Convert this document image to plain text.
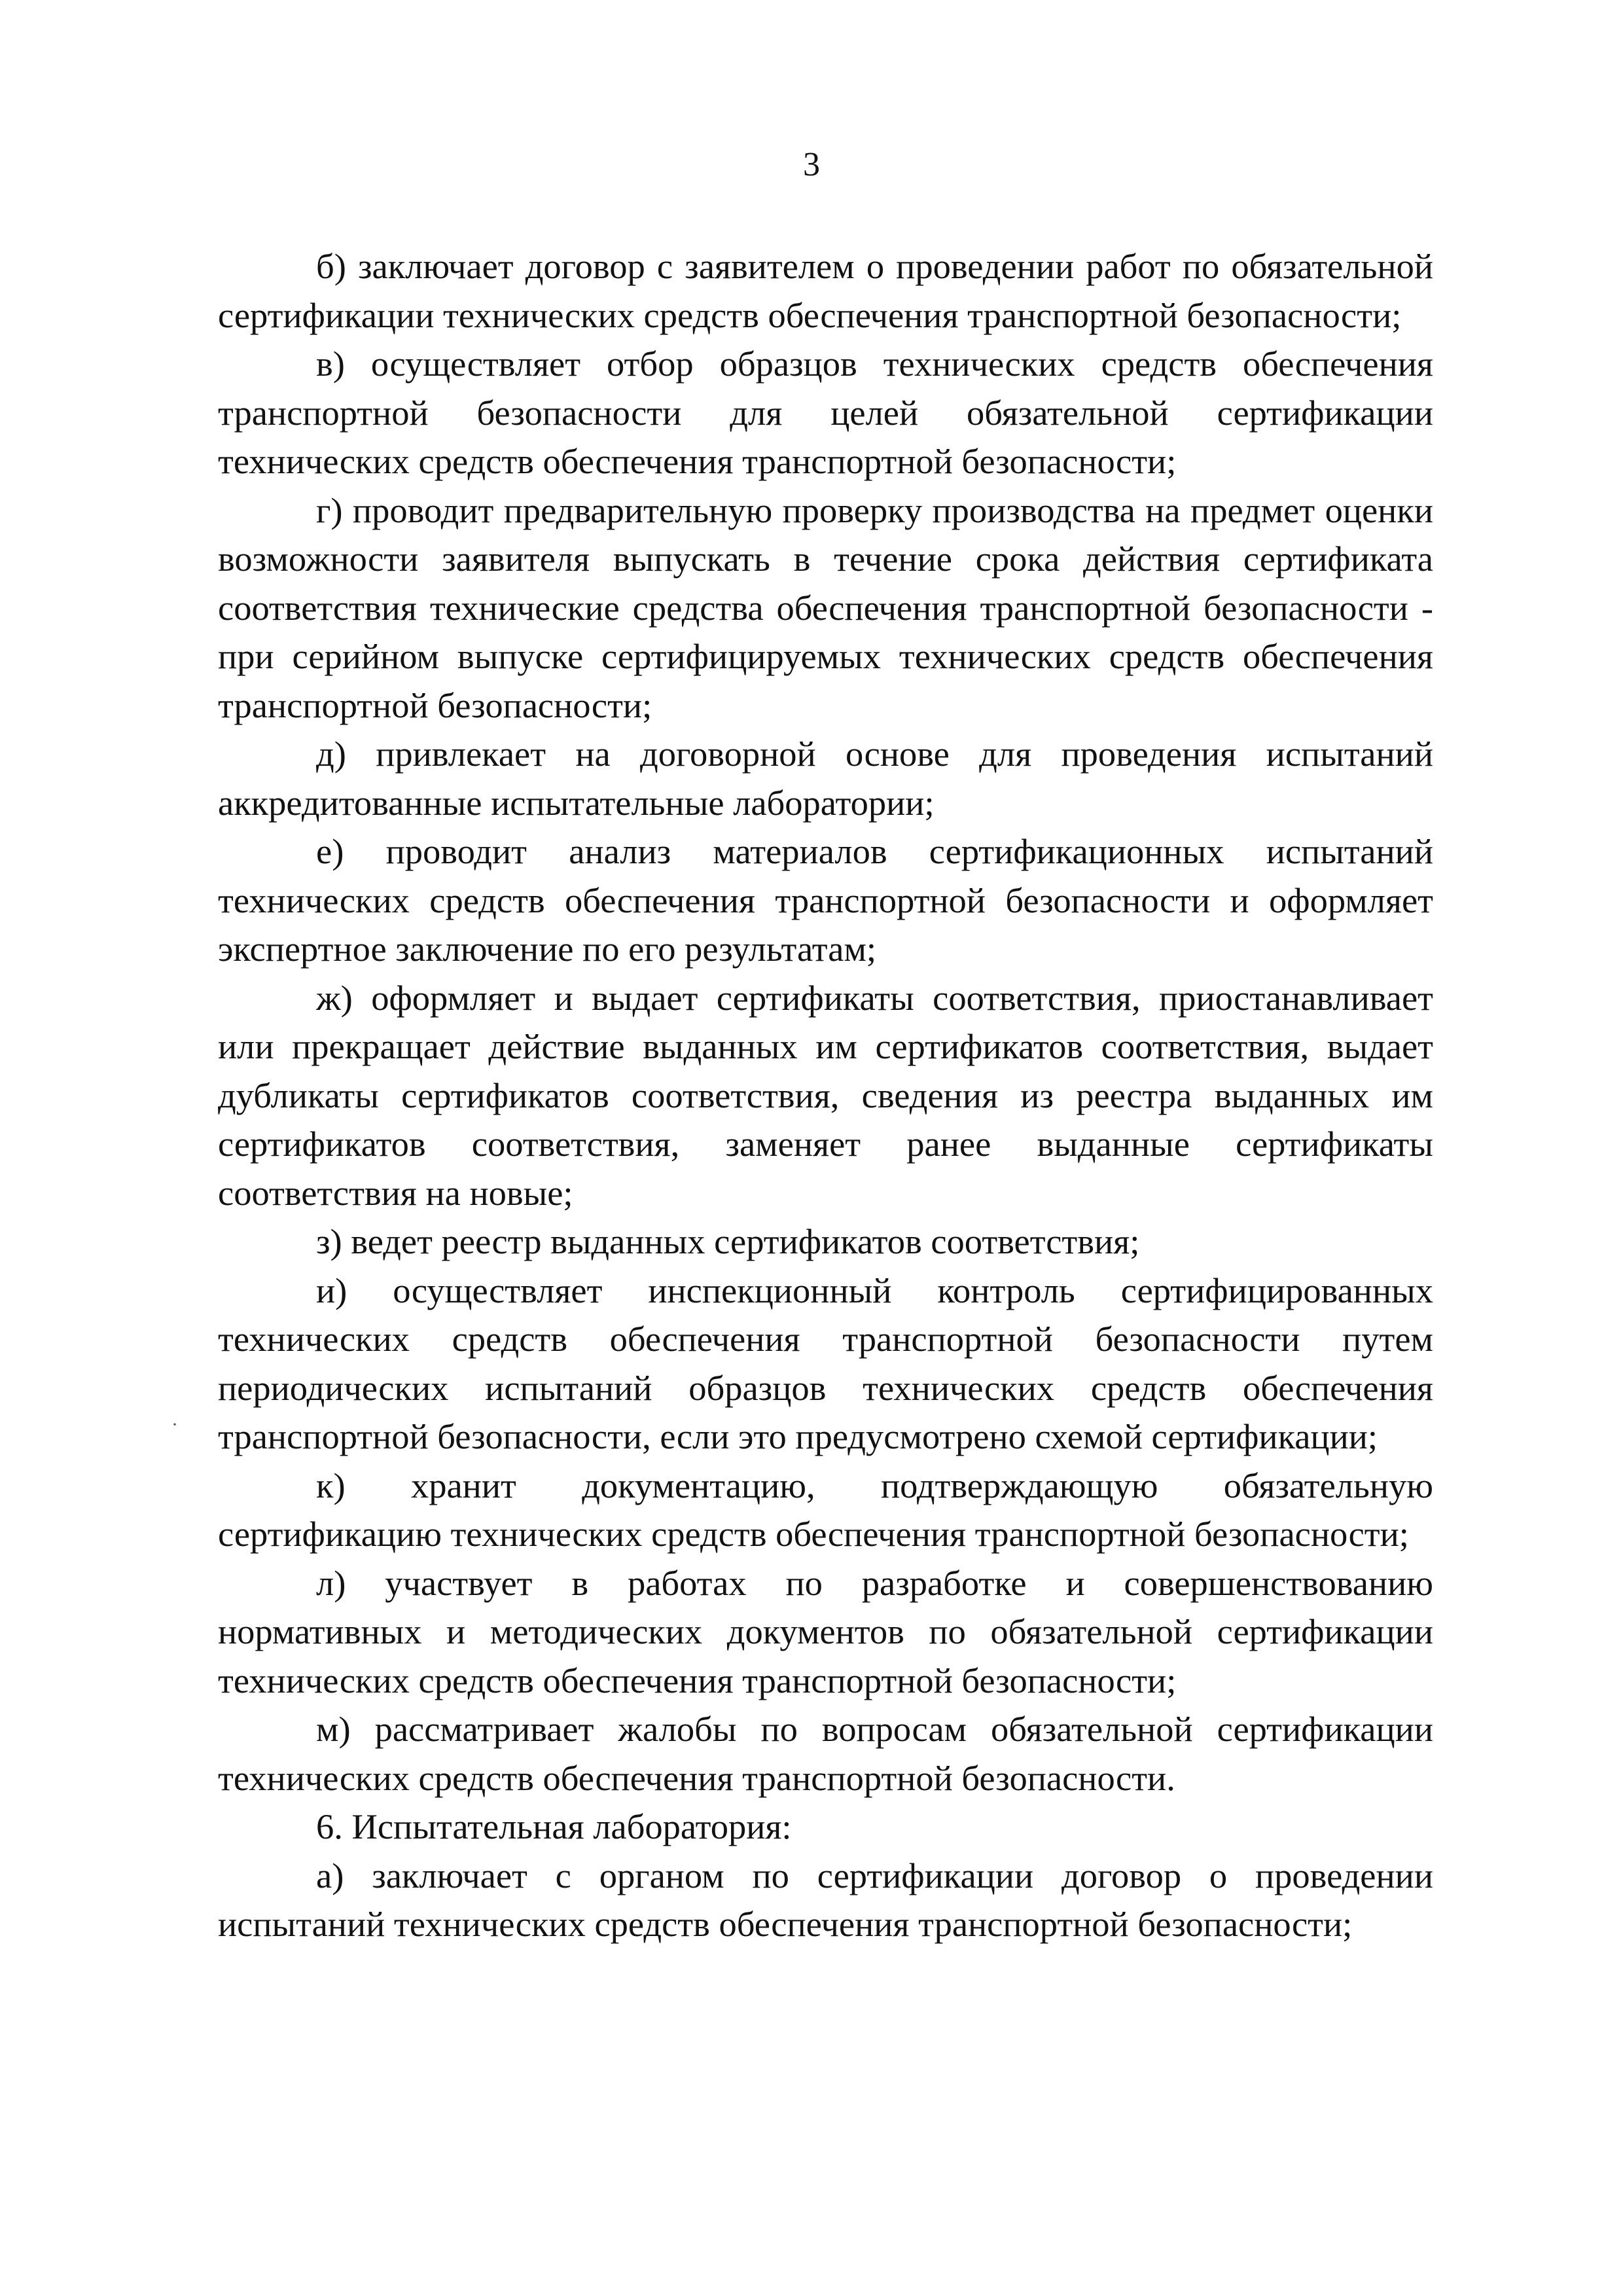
3

б) заключает договор с заявителем о проведении работ по обязательной сертификации технических средств обеспечения транспортной безопасности;

в) осуществляет отбор образцов технических средств обеспечения транспортной безопасности для целей обязательной сертификации технических средств обеспечения транспортной безопасности;

г) проводит предварительную проверку производства на предмет оценки возможности заявителя выпускать в течение срока действия сертификата соответствия технические средства обеспечения транспортной безопасности - при серийном выпуске сертифицируемых технических средств обеспечения транспортной безопасности;

д) привлекает на договорной основе для проведения испытаний аккредитованные испытательные лаборатории;

е) проводит анализ материалов сертификационных испытаний технических средств обеспечения транспортной безопасности и оформляет экспертное заключение по его результатам;

ж) оформляет и выдает сертификаты соответствия, приостанавливает или прекращает действие выданных им сертификатов соответствия, выдает дубликаты сертификатов соответствия, сведения из реестра выданных им сертификатов соответствия, заменяет ранее выданные сертификаты соответствия на новые;

з) ведет реестр выданных сертификатов соответствия;

и) осуществляет инспекционный контроль сертифицированных технических средств обеспечения транспортной безопасности путем периодических испытаний образцов технических средств обеспечения транспортной безопасности, если это предусмотрено схемой сертификации;

к) хранит документацию, подтверждающую обязательную сертификацию технических средств обеспечения транспортной безопасности;

л) участвует в работах по разработке и совершенствованию нормативных и методических документов по обязательной сертификации технических средств обеспечения транспортной безопасности;

м) рассматривает жалобы по вопросам обязательной сертификации технических средств обеспечения транспортной безопасности.

6. Испытательная лаборатория:

а) заключает с органом по сертификации договор о проведении испытаний технических средств обеспечения транспортной безопасности;

·
